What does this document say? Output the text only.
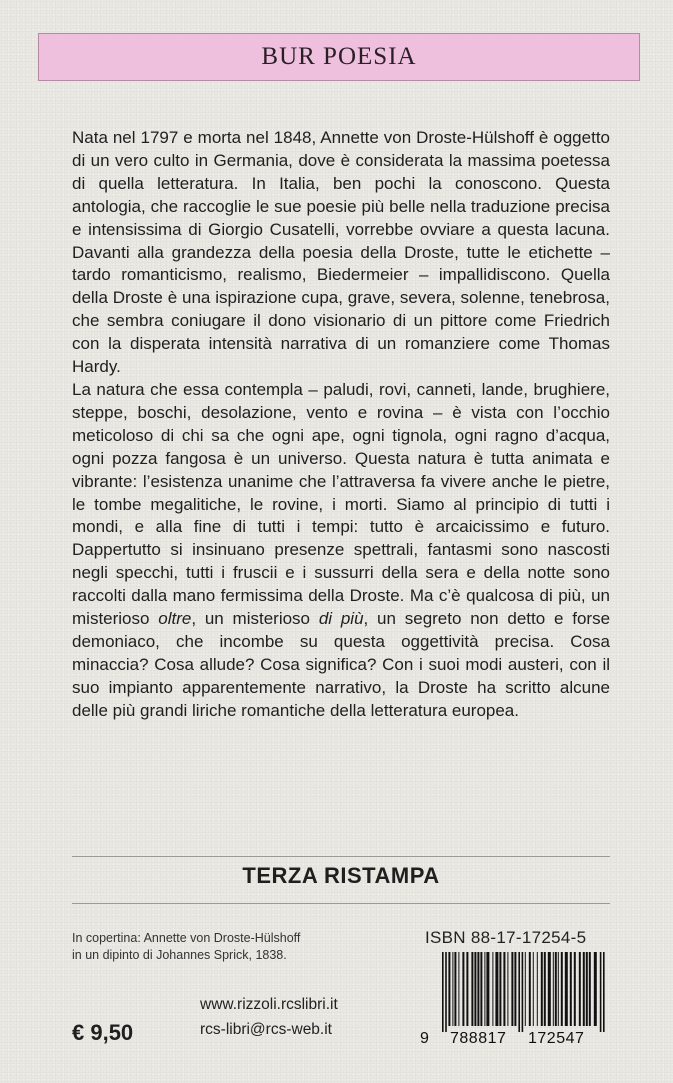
BUR POESIA

Nata nel 1797 e morta nel 1848, Annette von Droste-Hülshoff è oggetto di un vero culto in Germania, dove è considerata la massima poetessa di quella letteratura. In Italia, ben pochi la conoscono. Questa antologia, che raccoglie le sue poesie più belle nella traduzione precisa e intensissima di Giorgio Cusatelli, vorrebbe ovviare a questa lacuna. Davanti alla grandezza della poesia della Droste, tutte le etichette – tardo romanticismo, realismo, Biedermeier – impallidiscono. Quella della Droste è una ispirazione cupa, grave, severa, solenne, tenebrosa, che sembra coniugare il dono visionario di un pittore come Friedrich con la disperata intensità narrativa di un romanziere come Thomas Hardy.

La natura che essa contempla – paludi, rovi, canneti, lande, brughiere, steppe, boschi, desolazione, vento e rovina – è vista con l’occhio meticoloso di chi sa che ogni ape, ogni tignola, ogni ragno d’acqua, ogni pozza fangosa è un universo. Questa natura è tutta animata e vibrante: l’esistenza unanime che l’attraversa fa vivere anche le pietre, le tombe megalitiche, le rovine, i morti. Siamo al principio di tutti i mondi, e alla fine di tutti i tempi: tutto è arcaicissimo e futuro. Dappertutto si insinuano presenze spettrali, fantasmi sono nascosti negli specchi, tutti i fruscii e i sussurri della sera e della notte sono raccolti dalla mano fermissima della Droste. Ma c’è qualcosa di più, un misterioso oltre, un misterioso di più, un segreto non detto e forse demoniaco, che incombe su questa oggettività precisa. Cosa minaccia? Cosa allude? Cosa significa? Con i suoi modi austeri, con il suo impianto apparentemente narrativo, la Droste ha scritto alcune delle più grandi liriche romantiche della letteratura europea.

TERZA RISTAMPA
In copertina: Annette von Droste-Hülshoff
in un dipinto di Johannes Sprick, 1838.
ISBN 88-17-17254-5
€ 9,50
www.rizzoli.rcslibri.it
rcs-libri@rcs-web.it
9	788817 172547
